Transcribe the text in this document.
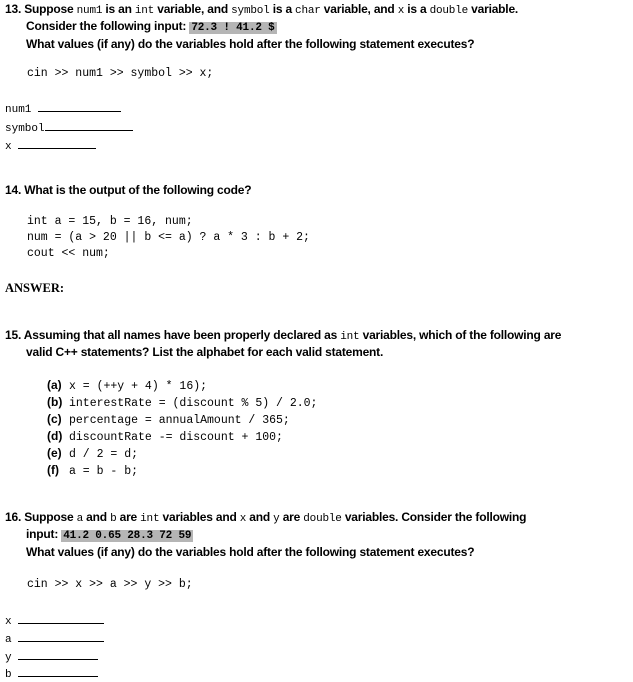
13. Suppose num1 is an int variable, and symbol is a char variable, and x is a double variable.
Consider the following input: 72.3 ! 41.2 $
What values (if any) do the variables hold after the following statement executes?
cin >> num1 >> symbol >> x;
num1
symbol
x
14. What is the output of the following code?
int a = 15, b = 16, num;
num = (a > 20 || b <= a) ? a * 3 : b + 2;
cout << num;
ANSWER:
15. Assuming that all names have been properly declared as int variables, which of the following are
valid C++ statements? List the alphabet for each valid statement.
(a) x = (++y + 4) * 16);
(b) interestRate = (discount % 5) / 2.0;
(c) percentage = annualAmount / 365;
(d) discountRate -= discount + 100;
(e) d / 2 = d;
(f) a = b - b;
16. Suppose a and b are int variables and x and y are double variables. Consider the following
input: 41.2 0.65 28.3 72 59
What values (if any) do the variables hold after the following statement executes?
cin >> x >> a >> y >> b;
x
a
y
b
